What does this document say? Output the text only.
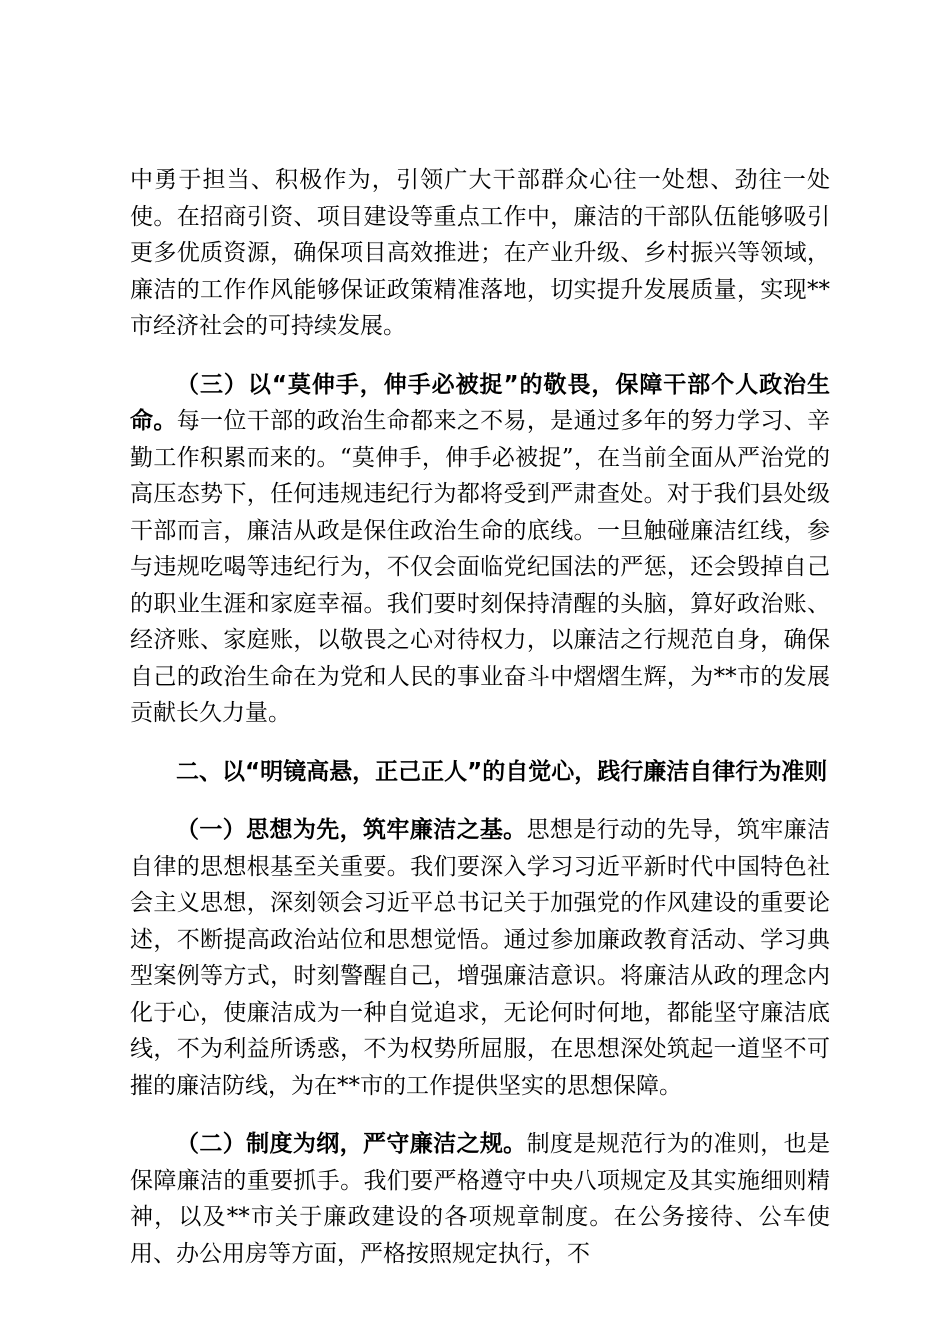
中勇于担当、积极作为，引领广大干部群众心往一处想、劲往一处使。在招商引资、项目建设等重点工作中，廉洁的干部队伍能够吸引更多优质资源，确保项目高效推进；在产业升级、乡村振兴等领域，廉洁的工作作风能够保证政策精准落地，切实提升发展质量，实现**市经济社会的可持续发展。

（三）以“莫伸手，伸手必被捉”的敬畏，保障干部个人政治生命。每一位干部的政治生命都来之不易，是通过多年的努力学习、辛勤工作积累而来的。“莫伸手，伸手必被捉”，在当前全面从严治党的高压态势下，任何违规违纪行为都将受到严肃查处。对于我们县处级干部而言，廉洁从政是保住政治生命的底线。一旦触碰廉洁红线，参与违规吃喝等违纪行为，不仅会面临党纪国法的严惩，还会毁掉自己的职业生涯和家庭幸福。我们要时刻保持清醒的头脑，算好政治账、经济账、家庭账，以敬畏之心对待权力，以廉洁之行规范自身，确保自己的政治生命在为党和人民的事业奋斗中熠熠生辉，为**市的发展贡献长久力量。

二、以“明镜高悬，正己正人”的自觉心，践行廉洁自律行为准则

（一）思想为先，筑牢廉洁之基。思想是行动的先导，筑牢廉洁自律的思想根基至关重要。我们要深入学习习近平新时代中国特色社会主义思想，深刻领会习近平总书记关于加强党的作风建设的重要论述，不断提高政治站位和思想觉悟。通过参加廉政教育活动、学习典型案例等方式，时刻警醒自己，增强廉洁意识。将廉洁从政的理念内化于心，使廉洁成为一种自觉追求，无论何时何地，都能坚守廉洁底线，不为利益所诱惑，不为权势所屈服，在思想深处筑起一道坚不可摧的廉洁防线，为在**市的工作提供坚实的思想保障。

（二）制度为纲，严守廉洁之规。制度是规范行为的准则，也是保障廉洁的重要抓手。我们要严格遵守中央八项规定及其实施细则精神，以及**市关于廉政建设的各项规章制度。在公务接待、公车使用、办公用房等方面，严格按照规定执行，不
